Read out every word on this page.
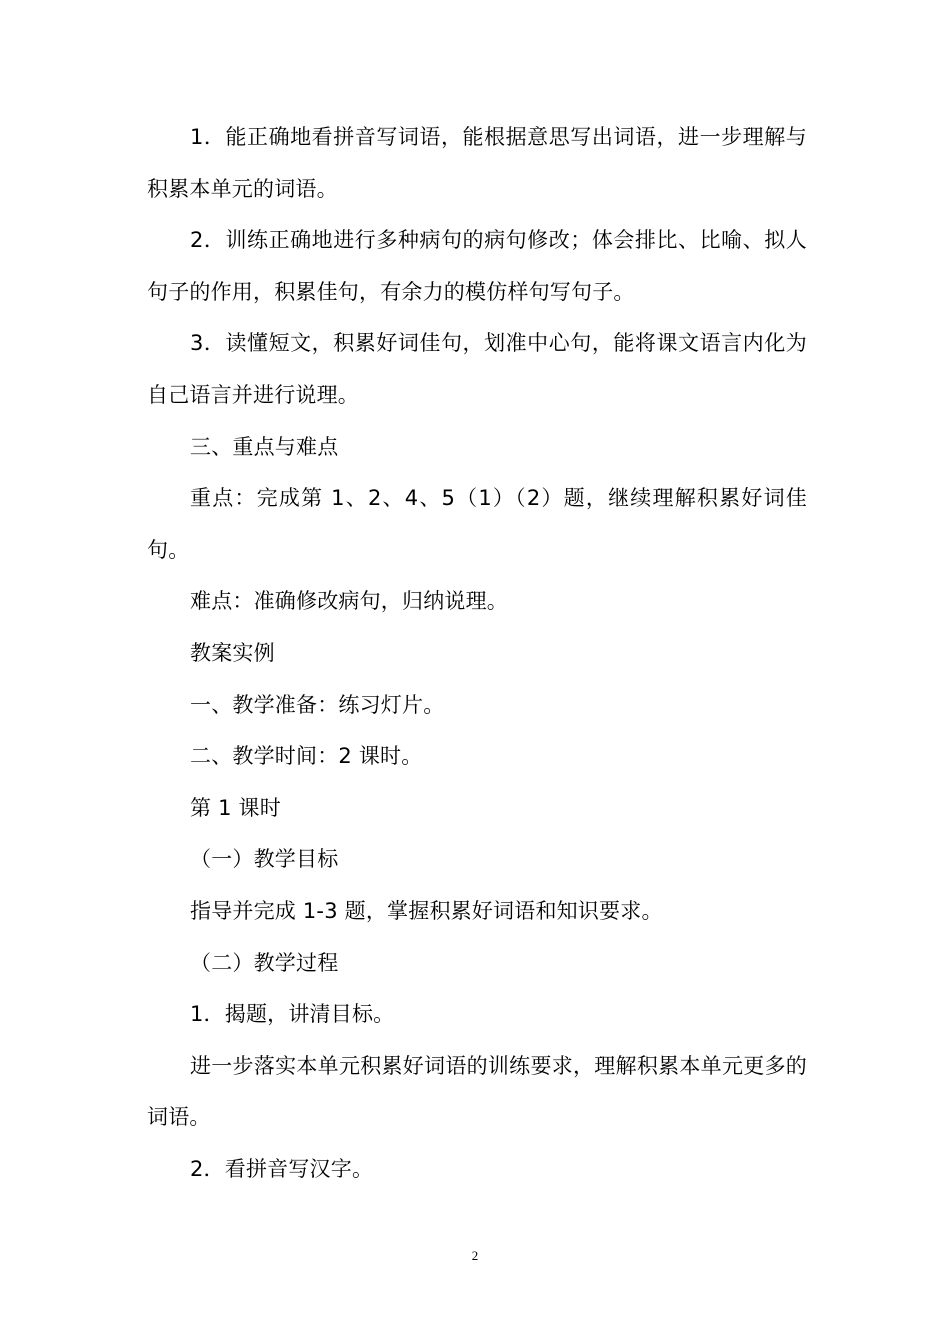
1．能正确地看拼音写词语，能根据意思写出词语，进一步理解与积累本单元的词语。

2．训练正确地进行多种病句的病句修改；体会排比、比喻、拟人句子的作用，积累佳句，有余力的模仿样句写句子。

3．读懂短文，积累好词佳句，划准中心句，能将课文语言内化为自己语言并进行说理。

三、重点与难点

重点：完成第 1、2、4、5（1）（2）题，继续理解积累好词佳句。

难点：准确修改病句，归纳说理。

教案实例

一、教学准备：练习灯片。

二、教学时间：2 课时。

第 1 课时

（一）教学目标

指导并完成 1-3 题，掌握积累好词语和知识要求。

（二）教学过程

1．揭题，讲清目标。

进一步落实本单元积累好词语的训练要求，理解积累本单元更多的词语。

2．看拼音写汉字。

2
